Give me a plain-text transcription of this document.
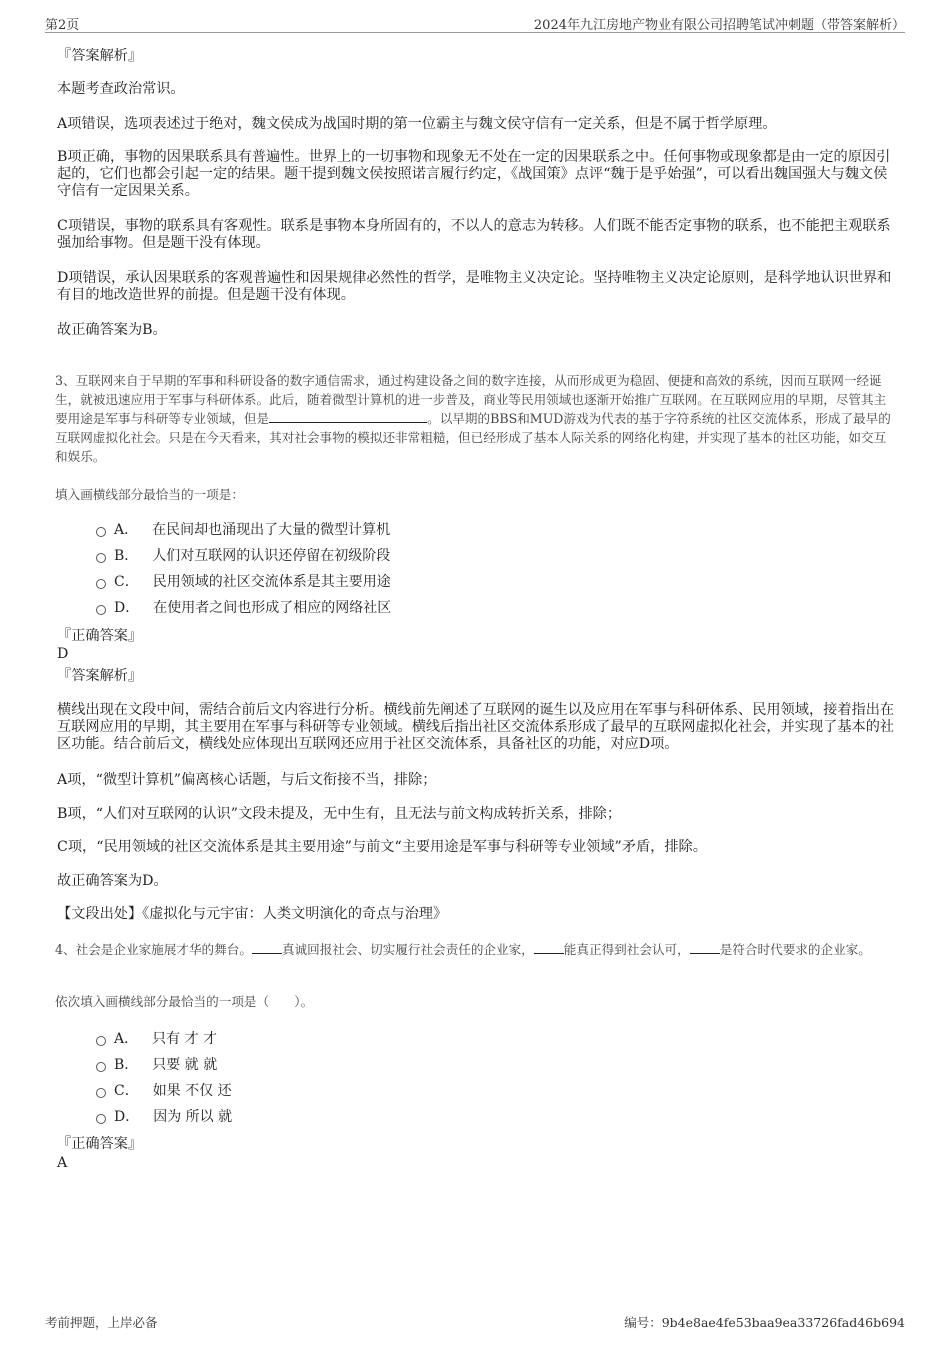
第2页	2024年九江房地产物业有限公司招聘笔试冲刺题（带答案解析）
『答案解析』
本题考查政治常识。
A项错误，选项表述过于绝对，魏文侯成为战国时期的第一位霸主与魏文侯守信有一定关系，但是不属于哲学原理。
B项正确，事物的因果联系具有普遍性。世界上的一切事物和现象无不处在一定的因果联系之中。任何事物或现象都是由一定的原因引起的，它们也都会引起一定的结果。题干提到魏文侯按照诺言履行约定，《战国策》点评“魏于是乎始强”，可以看出魏国强大与魏文侯守信有一定因果关系。
C项错误，事物的联系具有客观性。联系是事物本身所固有的，不以人的意志为转移。人们既不能否定事物的联系，也不能把主观联系强加给事物。但是题干没有体现。
D项错误，承认因果联系的客观普遍性和因果规律必然性的哲学，是唯物主义决定论。坚持唯物主义决定论原则，是科学地认识世界和有目的地改造世界的前提。但是题干没有体现。
故正确答案为B。
3、互联网来自于早期的军事和科研设备的数字通信需求，通过构建设备之间的数字连接，从而形成更为稳固、便捷和高效的系统，因而互联网一经诞生，就被迅速应用于军事与科研体系。此后，随着微型计算机的进一步普及，商业等民用领域也逐渐开始推广互联网。在互联网应用的早期，尽管其主要用途是军事与科研等专业领域，但是	。以早期的BBS和MUD游戏为代表的基于字符系统的社区交流体系，形成了最早的互联网虚拟化社会。只是在今天看来，其对社会事物的模拟还非常粗糙，但已经形成了基本人际关系的网络化构建，并实现了基本的社区功能，如交互和娱乐。
填入画横线部分最恰当的一项是：
A． 在民间却也涌现出了大量的微型计算机
B． 人们对互联网的认识还停留在初级阶段
C． 民用领域的社区交流体系是其主要用途
D． 在使用者之间也形成了相应的网络社区
『正确答案』
D
『答案解析』
横线出现在文段中间，需结合前后文内容进行分析。横线前先阐述了互联网的诞生以及应用在军事与科研体系、民用领域，接着指出在互联网应用的早期，其主要用在军事与科研等专业领域。横线后指出社区交流体系形成了最早的互联网虚拟化社会，并实现了基本的社区功能。结合前后文，横线处应体现出互联网还应用于社区交流体系，具备社区的功能，对应D项。
A项，“微型计算机”偏离核心话题，与后文衔接不当，排除；
B项，“人们对互联网的认识”文段未提及，无中生有，且无法与前文构成转折关系，排除；
C项，“民用领域的社区交流体系是其主要用途”与前文“主要用途是军事与科研等专业领域”矛盾，排除。
故正确答案为D。
【文段出处】《虚拟化与元宇宙：人类文明演化的奇点与治理》
4、社会是企业家施展才华的舞台。 真诚回报社会、切实履行社会责任的企业家， 能真正得到社会认可， 是符合时代要求的企业家。
依次填入画横线部分最恰当的一项是（　　）。
A． 只有 才 才
B． 只要 就 就
C． 如果 不仅 还
D． 因为 所以 就
『正确答案』
A
考前押题，上岸必备	编号：9b4e8ae4fe53baa9ea33726fad46b694
